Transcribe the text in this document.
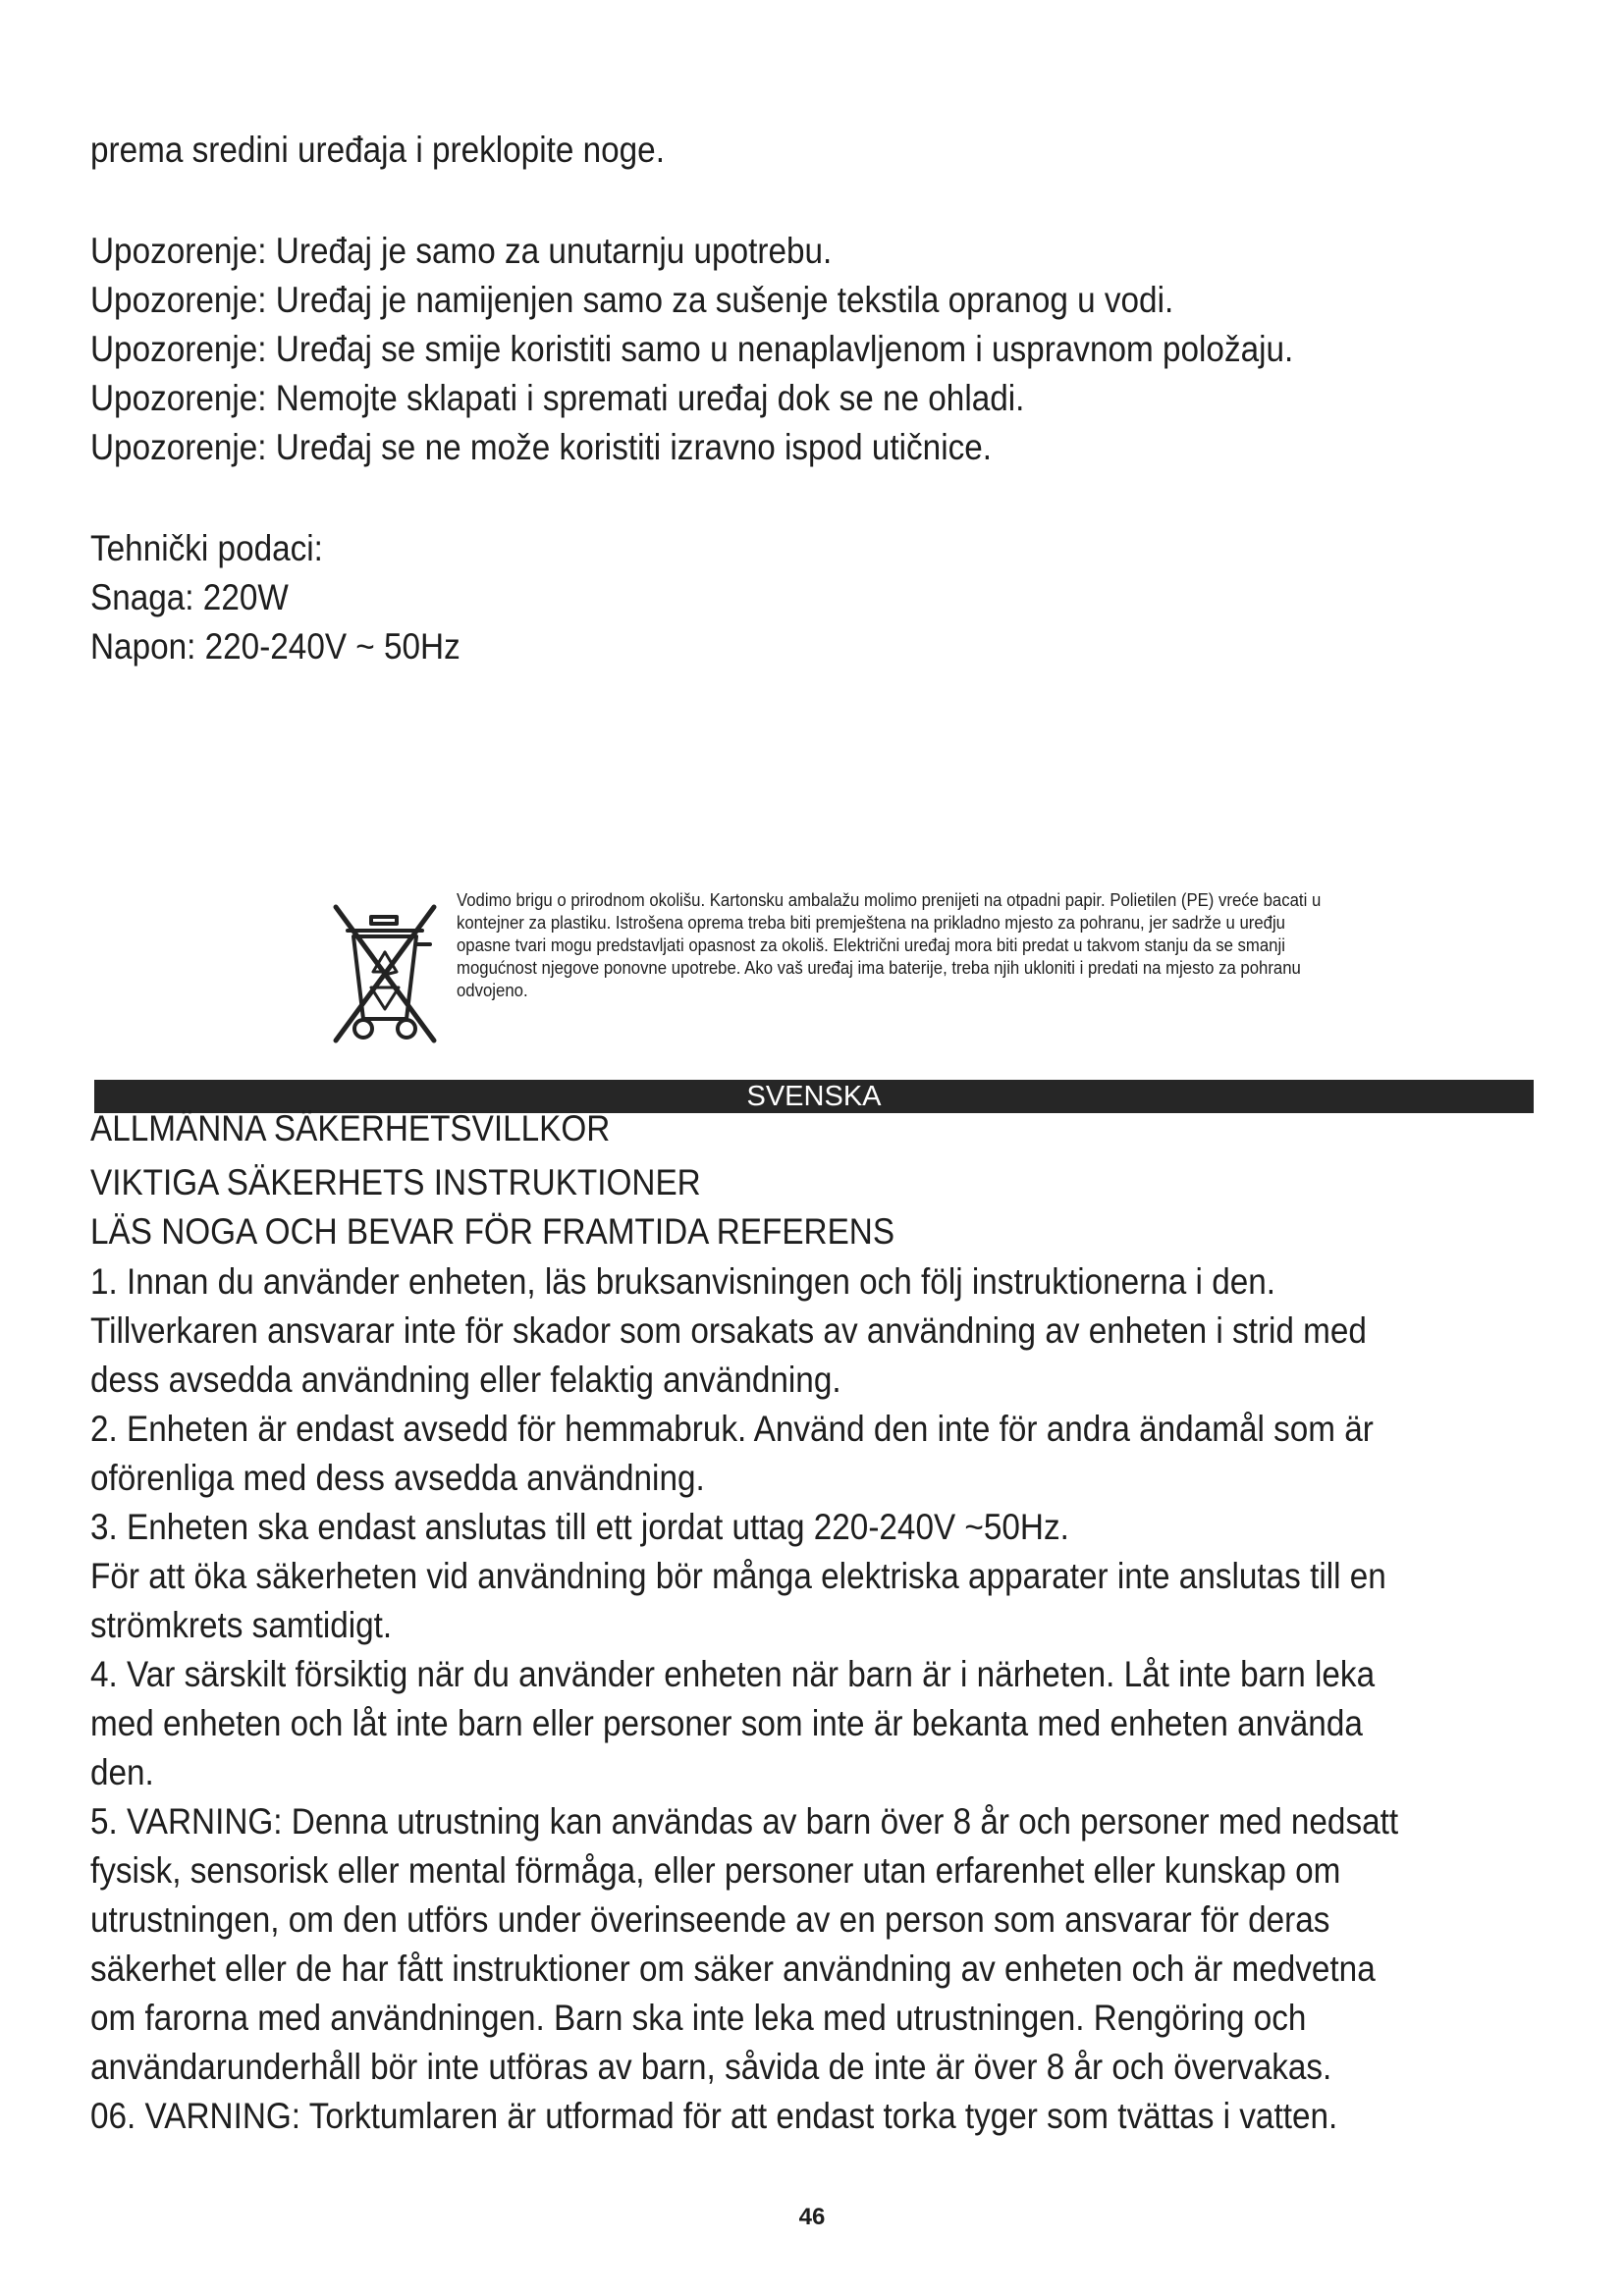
prema sredini uređaja i preklopite noge.
Upozorenje: Uređaj je samo za unutarnju upotrebu.
Upozorenje: Uređaj je namijenjen samo za sušenje tekstila opranog u vodi.
Upozorenje: Uređaj se smije koristiti samo u nenaplavljenom i uspravnom položaju.
Upozorenje: Nemojte sklapati i spremati uređaj dok se ne ohladi.
Upozorenje: Uređaj se ne može koristiti izravno ispod utičnice.
Tehnički podaci:
Snaga: 220W
Napon: 220-240V ~ 50Hz
Vodimo brigu o prirodnom okolišu. Kartonsku ambalažu molimo prenijeti na otpadni papir. Polietilen (PE) vreće bacati u
kontejner za plastiku. Istrošena oprema treba biti premještena na prikladno mjesto za pohranu, jer sadrže u uređju
opasne tvari mogu predstavljati opasnost za okoliš. Električni uređaj mora biti predat u takvom stanju da se smanji
mogućnost njegove ponovne upotrebe. Ako vaš uređaj ima baterije, treba njih ukloniti i predati na mjesto za pohranu
odvojeno.
SVENSKA
ALLMÄNNA SÄKERHETSVILLKOR
VIKTIGA SÄKERHETS INSTRUKTIONER
LÄS NOGA OCH BEVAR FÖR FRAMTIDA REFERENS
1. Innan du använder enheten, läs bruksanvisningen och följ instruktionerna i den.
Tillverkaren ansvarar inte för skador som orsakats av användning av enheten i strid med
dess avsedda användning eller felaktig användning.
2. Enheten är endast avsedd för hemmabruk. Använd den inte för andra ändamål som är
oförenliga med dess avsedda användning.
3. Enheten ska endast anslutas till ett jordat uttag 220-240V ~50Hz.
För att öka säkerheten vid användning bör många elektriska apparater inte anslutas till en
strömkrets samtidigt.
4. Var särskilt försiktig när du använder enheten när barn är i närheten. Låt inte barn leka
med enheten och låt inte barn eller personer som inte är bekanta med enheten använda
den.
5. VARNING: Denna utrustning kan användas av barn över 8 år och personer med nedsatt
fysisk, sensorisk eller mental förmåga, eller personer utan erfarenhet eller kunskap om
utrustningen, om den utförs under överinseende av en person som ansvarar för deras
säkerhet eller de har fått instruktioner om säker användning av enheten och är medvetna
om farorna med användningen. Barn ska inte leka med utrustningen. Rengöring och
användarunderhåll bör inte utföras av barn, såvida de inte är över 8 år och övervakas.
06. VARNING: Torktumlaren är utformad för att endast torka tyger som tvättas i vatten.
46
